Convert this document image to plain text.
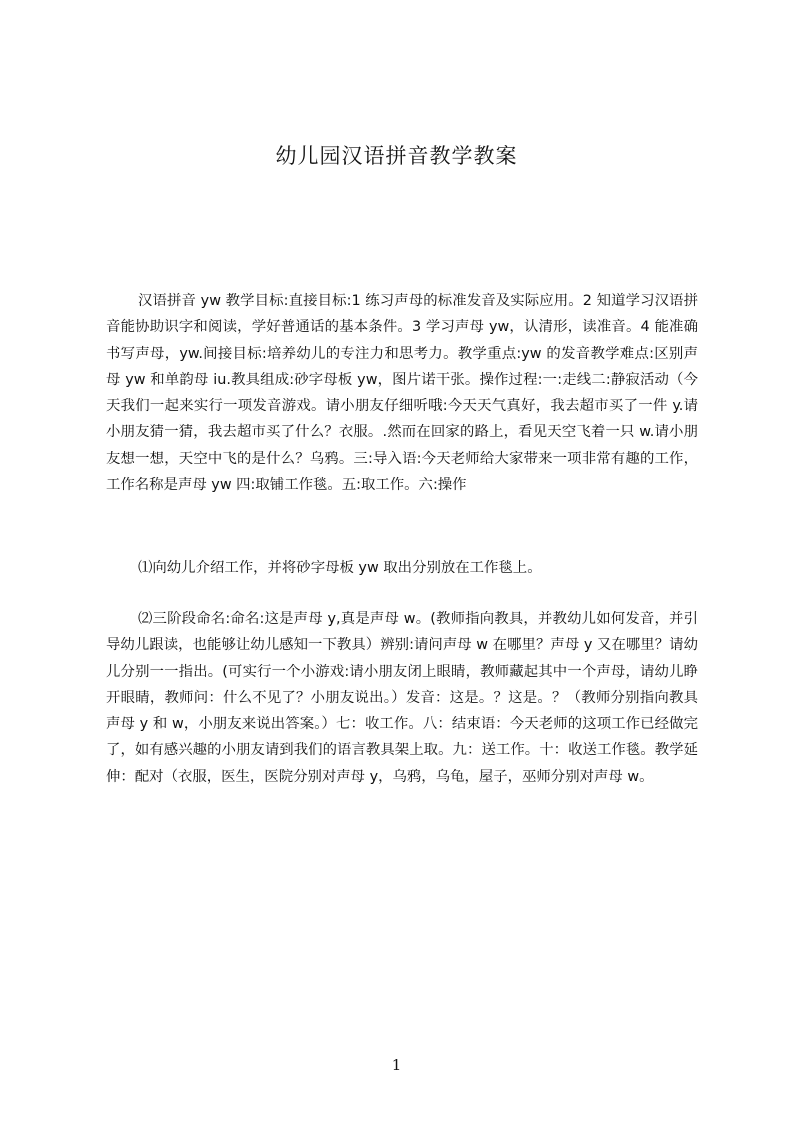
幼儿园汉语拼音教学教案

汉语拼音 yw 教学目标:直接目标:1 练习声母的标准发音及实际应用。2 知道学习汉语拼音能协助识字和阅读，学好普通话的基本条件。3 学习声母 yw，认清形，读准音。4 能准确书写声母，yw.间接目标:培养幼儿的专注力和思考力。教学重点:yw 的发音教学难点:区别声母 yw 和单韵母 iu.教具组成:砂字母板 yw，图片诺干张。操作过程:一:走线二:静寂活动（今天我们一起来实行一项发音游戏。请小朋友仔细听哦:今天天气真好，我去超市买了一件 y.请小朋友猜一猜，我去超市买了什么？衣服。.然而在回家的路上，看见天空飞着一只 w.请小朋友想一想，天空中飞的是什么？乌鸦。三:导入语:今天老师给大家带来一项非常有趣的工作，工作名称是声母 yw 四:取铺工作毯。五:取工作。六:操作

⑴向幼儿介绍工作，并将砂字母板 yw 取出分别放在工作毯上。

⑵三阶段命名:命名:这是声母 y,真是声母 w。(教师指向教具，并教幼儿如何发音，并引导幼儿跟读，也能够让幼儿感知一下教具）辨别:请问声母 w 在哪里？声母 y 又在哪里？请幼儿分别一一指出。(可实行一个小游戏:请小朋友闭上眼睛，教师藏起其中一个声母，请幼儿睁开眼睛，教师问：什么不见了？小朋友说出。）发音：这是。？这是。？（教师分别指向教具声母 y 和 w，小朋友来说出答案。）七：收工作。八：结束语：今天老师的这项工作已经做完了，如有感兴趣的小朋友请到我们的语言教具架上取。九：送工作。十：收送工作毯。教学延伸：配对（衣服，医生，医院分别对声母 y，乌鸦，乌龟，屋子，巫师分别对声母 w。

1
